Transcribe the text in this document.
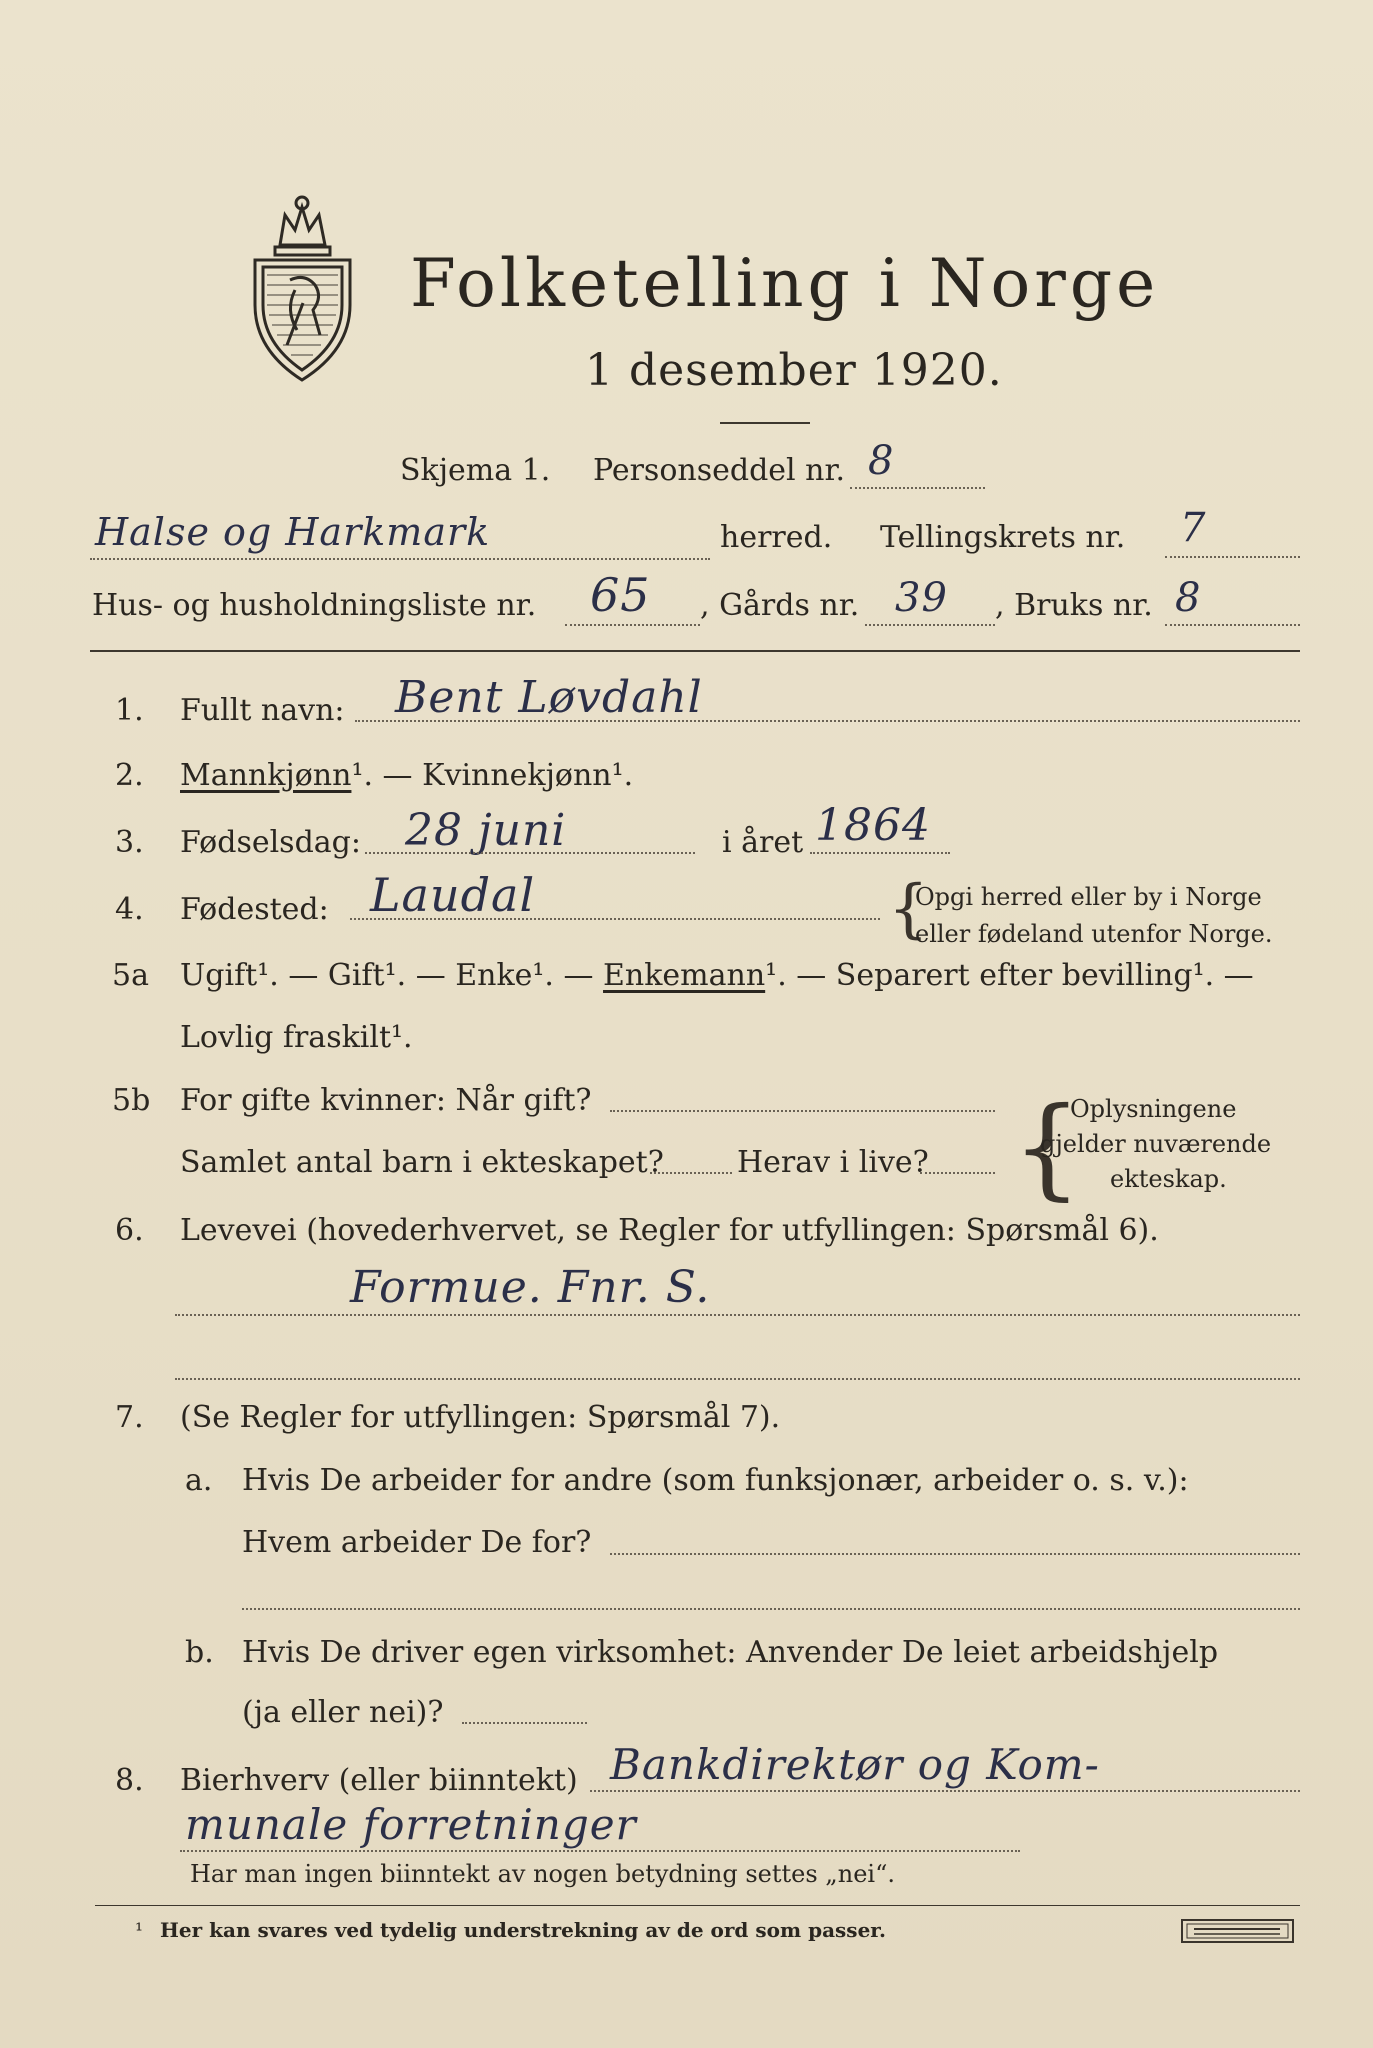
Folketelling i Norge
1 desember 1920.
Skjema 1. Personseddel nr. 8
Halse og Harkmark	herred. Tellingskrets nr. 7
Hus- og husholdningsliste nr. 65 , Gårds nr. 39 , Bruks nr. 8
1. Fullt navn: Bent Løvdahl
2. Mannkjønn¹. — Kvinnekjønn¹.
3. Fødselsdag: 28 juni	i året 1864
4. Fødested: Laudal	{
Opgi herred eller by i Norge
eller fødeland utenfor Norge.
5a Ugift¹. — Gift¹. — Enke¹. — Enkemann¹. — Separert efter bevilling¹. —
Lovlig fraskilt¹.
5b For gifte kvinner: Når gift?
Samlet antal barn i ekteskapet? Herav i live? {
Oplysningene
gjelder nuværende
ekteskap.
6. Levevei (hovederhvervet, se Regler for utfyllingen: Spørsmål 6).
Formue. Fnr. S.
7. (Se Regler for utfyllingen: Spørsmål 7).
a. Hvis De arbeider for andre (som funksjonær, arbeider o. s. v.):
Hvem arbeider De for?
b. Hvis De driver egen virksomhet: Anvender De leiet arbeidshjelp
(ja eller nei)?
8. Bierhverv (eller biinntekt) Bankdirektør og Kom-
munale forretninger
Har man ingen biinntekt av nogen betydning settes „nei“.
¹ Her kan svares ved tydelig understrekning av de ord som passer.
